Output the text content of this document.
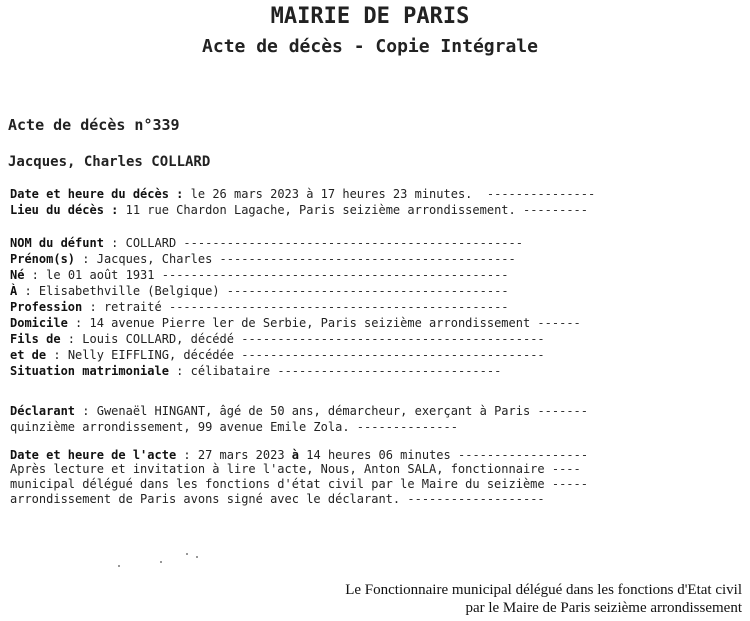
MAIRIE DE PARIS
Acte de décès - Copie Intégrale
Acte de décès n°339
Jacques, Charles COLLARD
Date et heure du décès : le 26 mars 2023 à 17 heures 23 minutes.  ---------------
Lieu du décès : 11 rue Chardon Lagache, Paris seizième arrondissement. ---------
NOM du défunt : COLLARD -----------------------------------------------
Prénom(s) : Jacques, Charles -----------------------------------------
Né : le 01 août 1931 ------------------------------------------------
À : Elisabethville (Belgique) ---------------------------------------
Profession : retraité -----------------------------------------------
Domicile : 14 avenue Pierre ler de Serbie, Paris seizième arrondissement ------
Fils de : Louis COLLARD, décédé ------------------------------------------
et de : Nelly EIFFLING, décédée ------------------------------------------
Situation matrimoniale : célibataire -------------------------------
Déclarant : Gwenaël HINGANT, âgé de 50 ans, démarcheur, exerçant à Paris -------
quinzième arrondissement, 99 avenue Emile Zola. --------------
Date et heure de l'acte : 27 mars 2023 à 14 heures 06 minutes ------------------
Après lecture et invitation à lire l'acte, Nous, Anton SALA, fonctionnaire ----
municipal délégué dans les fonctions d'état civil par le Maire du seizième -----
arrondissement de Paris avons signé avec le déclarant. -------------------
Le Fonctionnaire municipal délégué dans les fonctions d'Etat civil
par le Maire de Paris seizième arrondissement
